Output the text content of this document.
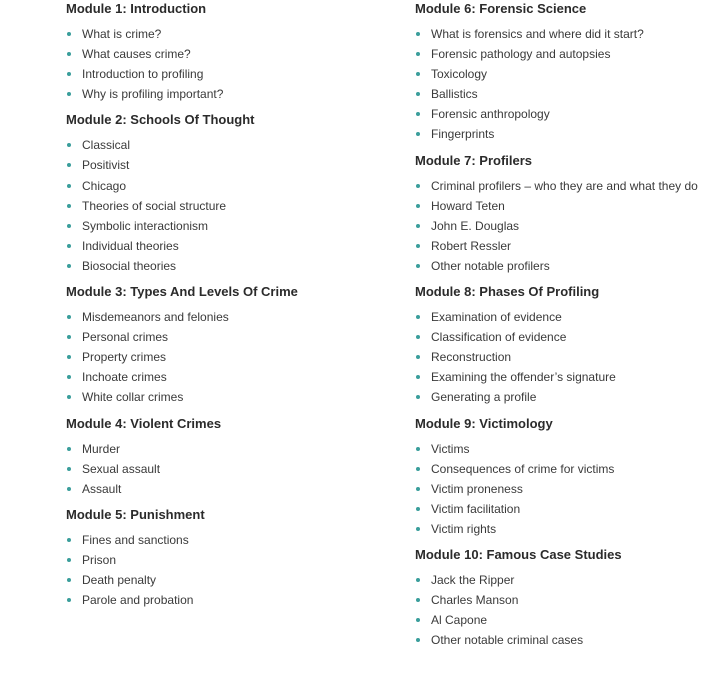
Module 1: Introduction
What is crime?
What causes crime?
Introduction to profiling
Why is profiling important?
Module 2: Schools Of Thought
Classical
Positivist
Chicago
Theories of social structure
Symbolic interactionism
Individual theories
Biosocial theories
Module 3: Types And Levels Of Crime
Misdemeanors and felonies
Personal crimes
Property crimes
Inchoate crimes
White collar crimes
Module 4: Violent Crimes
Murder
Sexual assault
Assault
Module 5: Punishment
Fines and sanctions
Prison
Death penalty
Parole and probation
Module 6: Forensic Science
What is forensics and where did it start?
Forensic pathology and autopsies
Toxicology
Ballistics
Forensic anthropology
Fingerprints
Module 7: Profilers
Criminal profilers – who they are and what they do
Howard Teten
John E. Douglas
Robert Ressler
Other notable profilers
Module 8: Phases Of Profiling
Examination of evidence
Classification of evidence
Reconstruction
Examining the offender’s signature
Generating a profile
Module 9: Victimology
Victims
Consequences of crime for victims
Victim proneness
Victim facilitation
Victim rights
Module 10: Famous Case Studies
Jack the Ripper
Charles Manson
Al Capone
Other notable criminal cases
